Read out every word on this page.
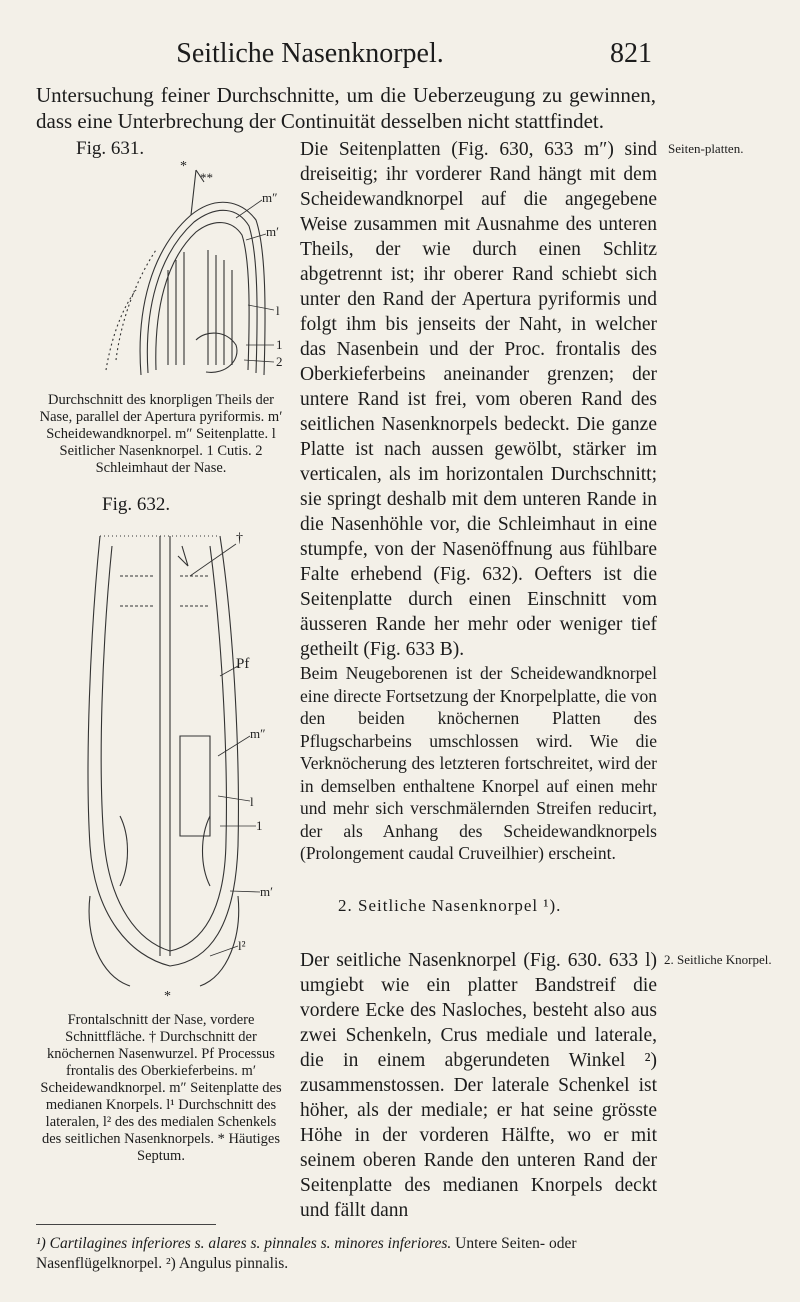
Seitliche Nasenknorpel.	821
Untersuchung feiner Durchschnitte, um die Ueberzeugung zu gewinnen, dass eine Unterbrechung der Continuität desselben nicht stattfindet.
Fig. 631.
*
**
m″
m′
l
1
2
Durchschnitt des knorpligen Theils der Nase, parallel der Apertura pyriformis. m′ Scheidewandknorpel. m″ Seitenplatte. l Seitlicher Nasenknorpel. 1 Cutis. 2 Schleimhaut der Nase.
Fig. 632.
†
Pf
m″
l
1
l²
m′
*
Frontalschnitt der Nase, vordere Schnittfläche. † Durchschnitt der knöchernen Nasenwurzel. Pf Processus frontalis des Oberkieferbeins. m′ Scheidewandknorpel. m″ Seitenplatte des medianen Knorpels. l¹ Durchschnitt des lateralen, l² des des medialen Schenkels des seitlichen Nasenknorpels. * Häutiges Septum.
Die Seitenplatten (Fig. 630, 633 m″) sind dreiseitig; ihr vorderer Rand hängt mit dem Scheidewandknorpel auf die angegebene Weise zusammen mit Ausnahme des unteren Theils, der wie durch einen Schlitz abgetrennt ist; ihr oberer Rand schiebt sich unter den Rand der Apertura pyriformis und folgt ihm bis jenseits der Naht, in welcher das Nasenbein und der Proc. frontalis des Oberkieferbeins aneinander grenzen; der untere Rand ist frei, vom oberen Rand des seitlichen Nasenknorpels bedeckt. Die ganze Platte ist nach aussen gewölbt, stärker im verticalen, als im horizontalen Durchschnitt; sie springt deshalb mit dem unteren Rande in die Nasenhöhle vor, die Schleimhaut in eine stumpfe, von der Nasenöffnung aus fühlbare Falte erhebend (Fig. 632). Oefters ist die Seitenplatte durch einen Einschnitt vom äusseren Rande her mehr oder weniger tief getheilt (Fig. 633 B).
Seiten-platten.
Beim Neugeborenen ist der Scheidewandknorpel eine directe Fortsetzung der Knorpelplatte, die von den beiden knöchernen Platten des Pflugscharbeins umschlossen wird. Wie die Verknöcherung des letzteren fortschreitet, wird der in demselben enthaltene Knorpel auf einen mehr und mehr sich verschmälernden Streifen reducirt, der als Anhang des Scheidewandknorpels (Prolongement caudal Cruveilhier) erscheint.
2. Seitliche Nasenknorpel ¹).
Der seitliche Nasenknorpel (Fig. 630. 633 l) umgiebt wie ein platter Bandstreif die vordere Ecke des Nasloches, besteht also aus zwei Schenkeln, Crus mediale und laterale, die in einem abgerundeten Winkel ²) zusammenstossen. Der laterale Schenkel ist höher, als der mediale; er hat seine grösste Höhe in der vorderen Hälfte, wo er mit seinem oberen Rande den unteren Rand der Seitenplatte des medianen Knorpels deckt und fällt dann
2. Seitliche Knorpel.
¹) Cartilagines inferiores s. alares s. pinnales s. minores inferiores. Untere Seiten- oder Nasenflügelknorpel. ²) Angulus pinnalis.
